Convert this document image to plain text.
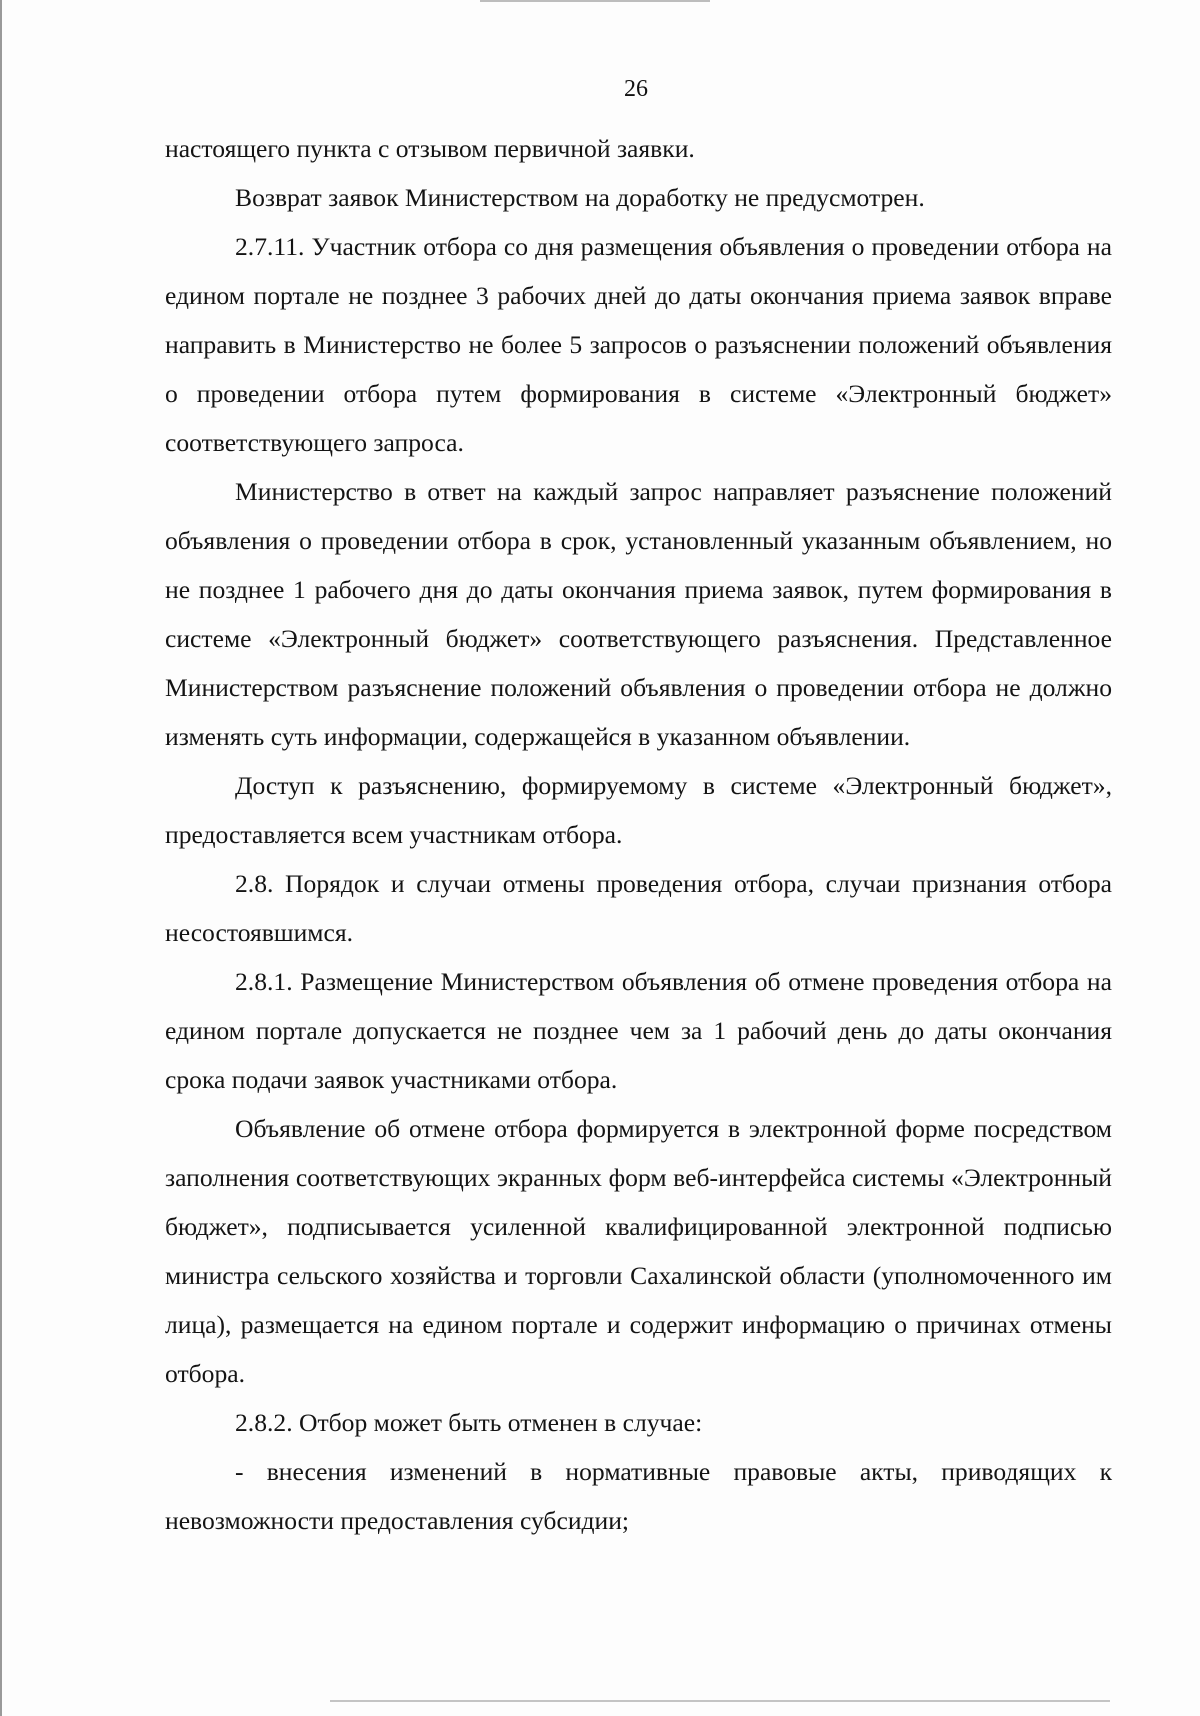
26

настоящего пункта с отзывом первичной заявки.

Возврат заявок Министерством на доработку не предусмотрен.

2.7.11. Участник отбора со дня размещения объявления о проведении отбора на едином портале не позднее 3 рабочих дней до даты окончания приема заявок вправе направить в Министерство не более 5 запросов о разъяснении положений объявления о проведении отбора путем формирования в системе «Электронный бюджет» соответствующего запроса.

Министерство в ответ на каждый запрос направляет разъяснение положений объявления о проведении отбора в срок, установленный указанным объявлением, но не позднее 1 рабочего дня до даты окончания приема заявок, путем формирования в системе «Электронный бюджет» соответствующего разъяснения. Представленное Министерством разъяснение положений объявления о проведении отбора не должно изменять суть информации, содержащейся в указанном объявлении.

Доступ к разъяснению, формируемому в системе «Электронный бюджет», предоставляется всем участникам отбора.

2.8. Порядок и случаи отмены проведения отбора, случаи признания отбора несостоявшимся.

2.8.1. Размещение Министерством объявления об отмене проведения отбора на едином портале допускается не позднее чем за 1 рабочий день до даты окончания срока подачи заявок участниками отбора.

Объявление об отмене отбора формируется в электронной форме посредством заполнения соответствующих экранных форм веб-интерфейса системы «Электронный бюджет», подписывается усиленной квалифицированной электронной подписью министра сельского хозяйства и торговли Сахалинской области (уполномоченного им лица), размещается на едином портале и содержит информацию о причинах отмены отбора.

2.8.2. Отбор может быть отменен в случае:

- внесения изменений в нормативные правовые акты, приводящих к невозможности предоставления субсидии;
